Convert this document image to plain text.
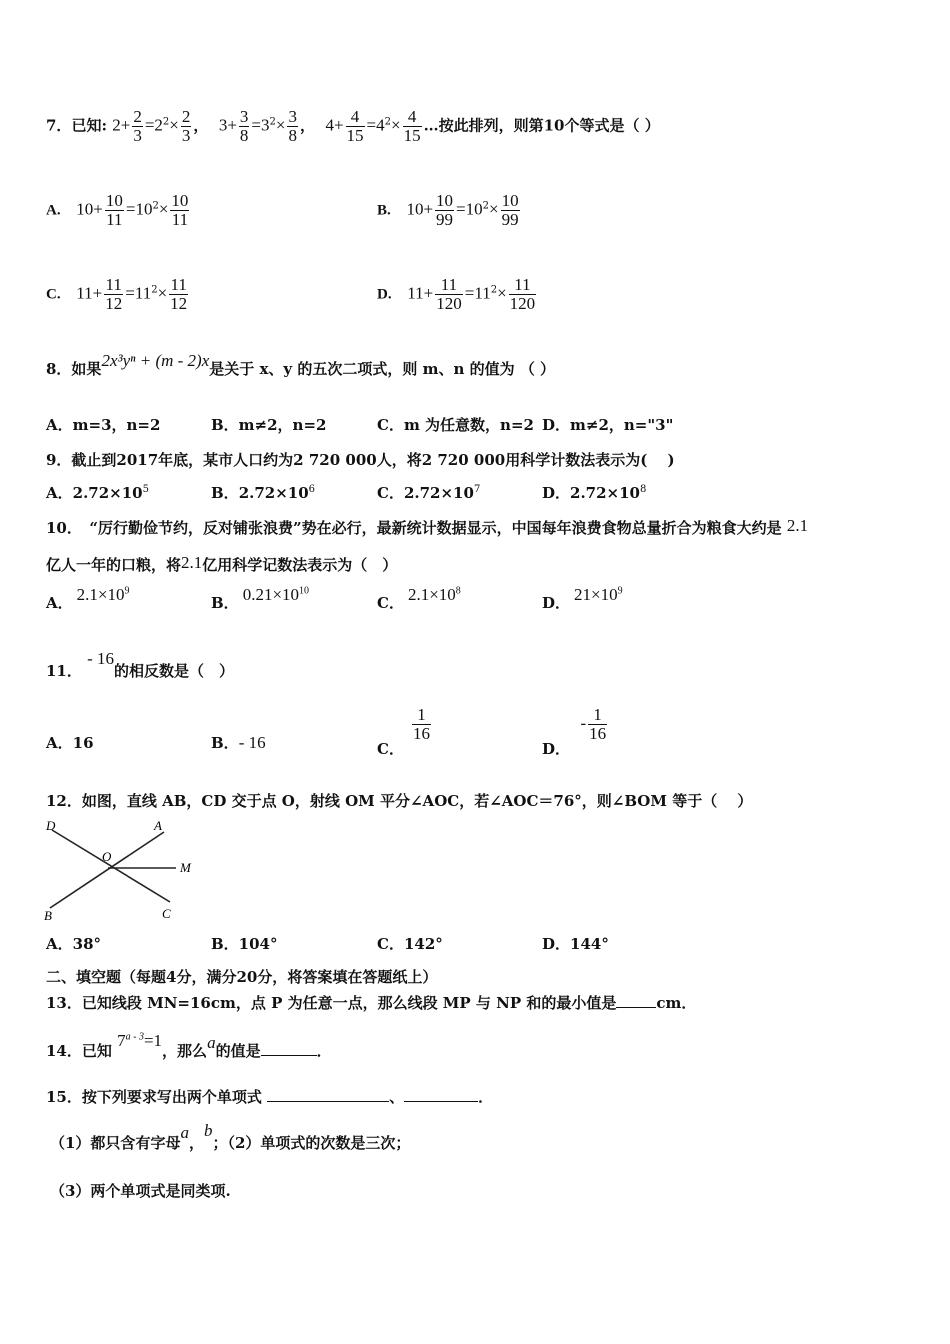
7．已知: $2+ \frac{2}{3} =2^2\times \frac{2}{3}$ ，  $3+ \frac{3}{8} =3^2\times \frac{3}{8}$ ，  $4+ \frac{4}{15} =4^2\times \frac{4}{15}$ …按此排列，则第10个等式是（ ）
A. $10+ \frac{10}{11} =10^2\times \frac{10}{11}$	B. $10+ \frac{10}{99} =10^2\times \frac{10}{99}$
C. $11+ \frac{11}{12} =11^2\times \frac{11}{12}$	D. $11+ \frac{11}{120} =11^2\times \frac{11}{120}$
8．如果2x³yⁿ + (m - 2)x是关于 x、y 的五次二项式，则 m、n 的值为 （ ）
A．m=3，n=2	B．m≠2，n=2	C．m 为任意数，n=2 D．m≠2，n="3"
9．截止到2017年底，某市人口约为2 720 000人，将2 720 000用科学计数法表示为(　 )
A．$2.72\times 10^5$	B．$2.72\times 10^6$	C．$2.72\times 10^7$	D．$2.72\times 10^8$
10．　“厉行勤俭节约，反对铺张浪费”势在必行，最新统计数据显示，中国每年浪费食物总量折合为粮食大约是 2.1
亿人一年的口粮，将2.1亿用科学记数法表示为（　）
A． $2.1\times 10^9$
B． $0.21\times 10^{10}$
C． $2.1\times 10^8$
D． $21\times 10^9$
11． - 16的相反数是（　）
A．16	B．- 16	C．
$\frac{1}{16}$
D．  - $\frac{1}{16}$
12．如图，直线 AB，CD 交于点 O，射线 OM 平分∠AOC，若∠AOC＝76°，则∠BOM 等于（　 ）
D	A
O
M
B	C
A．38°	B．104°	C．142°	D．144°
二、填空题（每题4分，满分20分，将答案填在答题纸上）
13．已知线段 MN=16cm，点 P 为任意一点，那么线段 MP 与 NP 和的最小值是	cm．
14．已知 $7^{a - 3}=1$，那么a的值是	．
15．按下列要求写出两个单项式	、	．
（1）都只含有字母a，b；（2）单项式的次数是三次；
（3）两个单项式是同类项.
